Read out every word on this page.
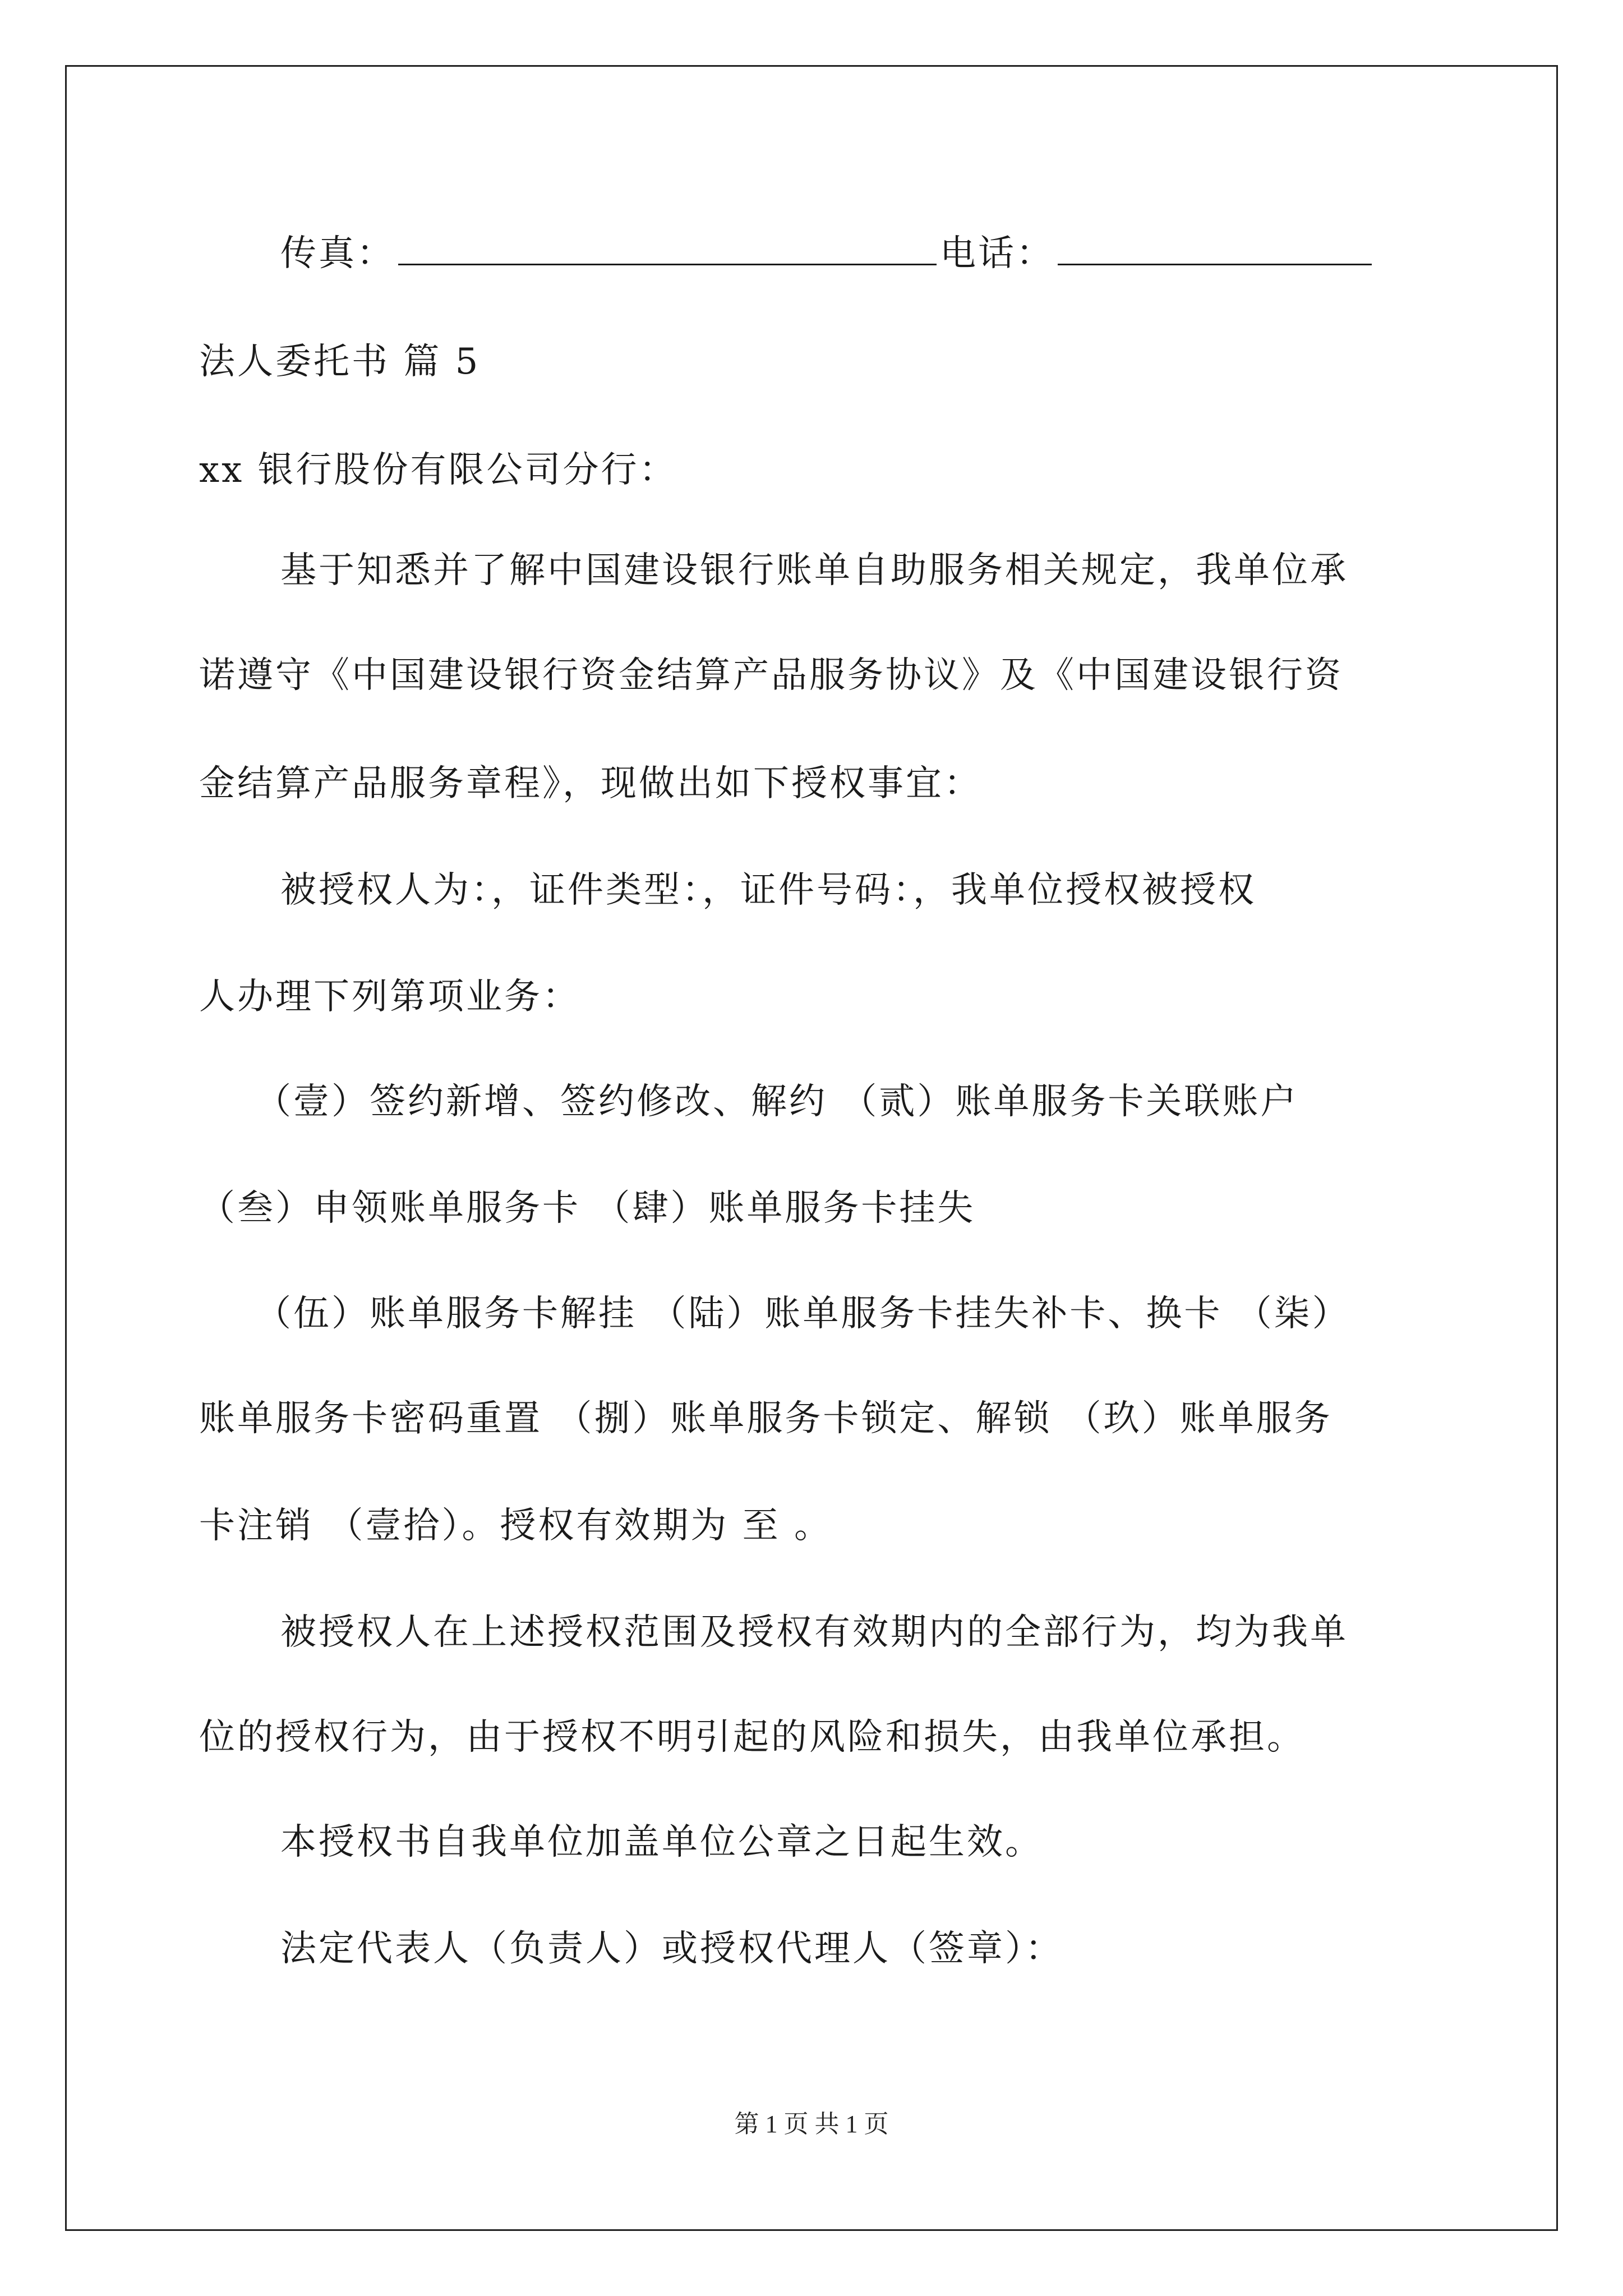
传真：	电话：
法人委托书 篇 5
xx 银行股份有限公司分行：
基于知悉并了解中国建设银行账单自助服务相关规定，我单位承
诺遵守《中国建设银行资金结算产品服务协议》及《中国建设银行资
金结算产品服务章程》，现做出如下授权事宜：
被授权人为：，证件类型：，证件号码：，我单位授权被授权
人办理下列第项业务：
（壹）签约新增、签约修改、解约 （贰）账单服务卡关联账户
（叁）申领账单服务卡 （肆）账单服务卡挂失
（伍）账单服务卡解挂 （陆）账单服务卡挂失补卡、换卡 （柒）
账单服务卡密码重置 （捌）账单服务卡锁定、解锁 （玖）账单服务
卡注销 （壹拾）。授权有效期为 至 。
被授权人在上述授权范围及授权有效期内的全部行为，均为我单
位的授权行为，由于授权不明引起的风险和损失，由我单位承担。
本授权书自我单位加盖单位公章之日起生效。
法定代表人（负责人）或授权代理人（签章）：
第 1 页 共 1 页
